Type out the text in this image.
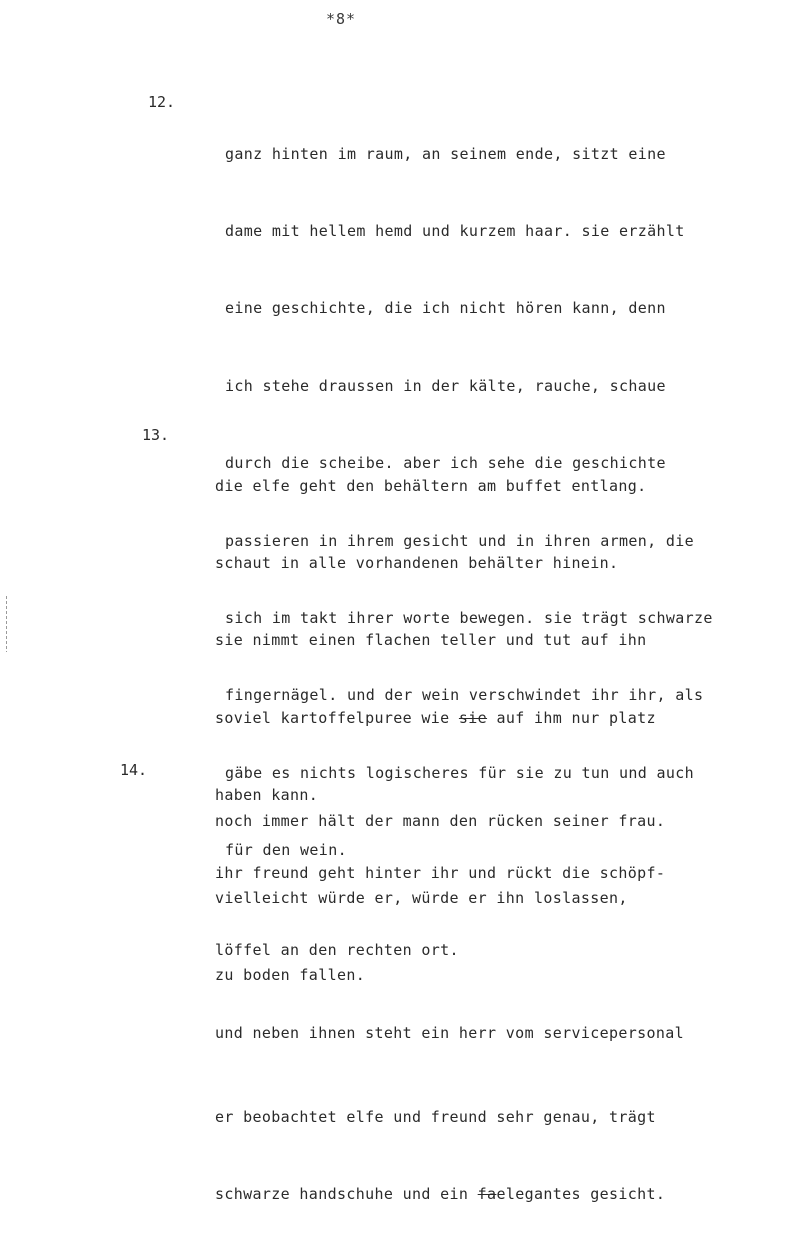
*8*
12.

ganz hinten im raum, an seinem ende, sitzt eine

dame mit hellem hemd und kurzem haar. sie erzählt

eine geschichte, die ich nicht hören kann, denn

ich stehe draussen in der kälte, rauche, schaue

durch die scheibe. aber ich sehe die geschichte

passieren in ihrem gesicht und in ihren armen, die

sich im takt ihrer worte bewegen. sie trägt schwarze

fingernägel. und der wein verschwindet ihr ihr, als

gäbe es nichts logischeres für sie zu tun und auch

für den wein.

13.

die elfe geht den behältern am buffet entlang.

schaut in alle vorhandenen behälter hinein.

sie nimmt einen flachen teller und tut auf ihn

soviel kartoffelpuree wie sie auf ihm nur platz

haben kann.

ihr freund geht hinter ihr und rückt die schöpf-

löffel an den rechten ort.

und neben ihnen steht ein herr vom servicepersonal

er beobachtet elfe und freund sehr genau, trägt

schwarze handschuhe und ein faelegantes gesicht.

14.

noch immer hält der mann den rücken seiner frau.

vielleicht würde er, würde er ihn loslassen,

zu boden fallen.
